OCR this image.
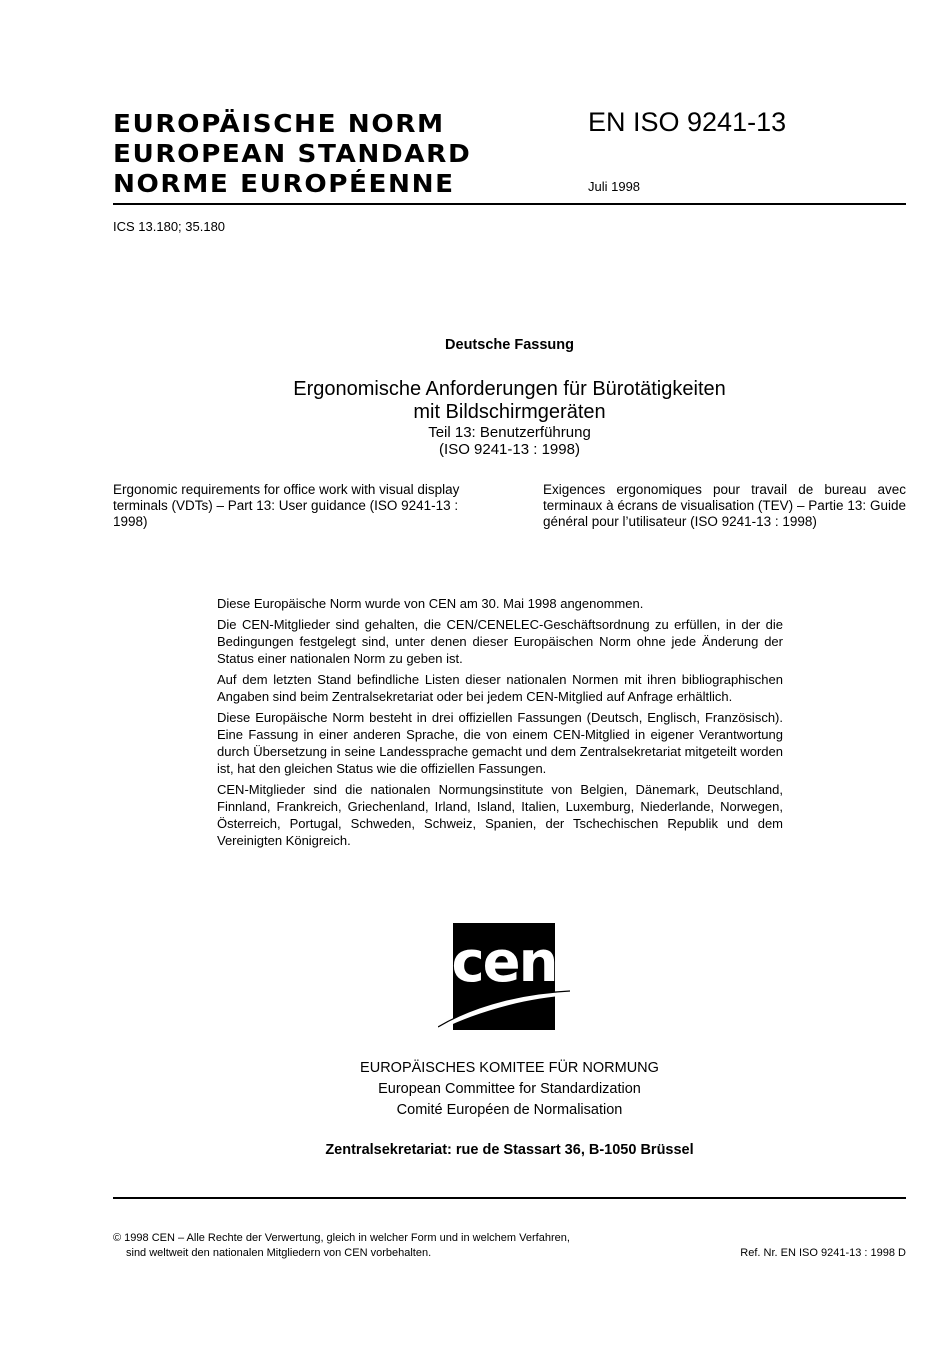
EUROPÄISCHE NORM
EUROPEAN STANDARD
NORME EUROPÉENNE
EN ISO 9241-13
Juli 1998
ICS 13.180; 35.180
Deutsche Fassung
Ergonomische Anforderungen für Bürotätigkeiten
mit Bildschirmgeräten
Teil 13: Benutzerführung
(ISO 9241-13 : 1998)
Ergonomic requirements for office work with visual display terminals (VDTs) – Part 13: User guidance (ISO 9241-13 : 1998)
Exigences ergonomiques pour travail de bureau avec terminaux à écrans de visualisation (TEV) – Partie 13: Guide général pour l’utilisateur (ISO 9241-13 : 1998)

Diese Europäische Norm wurde von CEN am 30. Mai 1998 angenommen.

Die CEN-Mitglieder sind gehalten, die CEN/CENELEC-Geschäftsordnung zu erfüllen, in der die Bedingungen festgelegt sind, unter denen dieser Europäischen Norm ohne jede Änderung der Status einer nationalen Norm zu geben ist.

Auf dem letzten Stand befindliche Listen dieser nationalen Normen mit ihren bibliographischen Angaben sind beim Zentralsekretariat oder bei jedem CEN-Mitglied auf Anfrage erhältlich.

Diese Europäische Norm besteht in drei offiziellen Fassungen (Deutsch, Englisch, Französisch). Eine Fassung in einer anderen Sprache, die von einem CEN-Mitglied in eigener Verantwortung durch Übersetzung in seine Landessprache gemacht und dem Zentralsekretariat mitgeteilt worden ist, hat den gleichen Status wie die offiziellen Fassungen.

CEN-Mitglieder sind die nationalen Normungsinstitute von Belgien, Dänemark, Deutschland, Finnland, Frankreich, Griechenland, Irland, Island, Italien, Luxemburg, Niederlande, Norwegen, Österreich, Portugal, Schweden, Schweiz, Spanien, der Tschechischen Republik und dem Vereinigten Königreich.

cen
EUROPÄISCHES KOMITEE FÜR NORMUNG
European Committee for Standardization
Comité Européen de Normalisation
Zentralsekretariat: rue de Stassart 36, B-1050 Brüssel
© 1998 CEN – Alle Rechte der Verwertung, gleich in welcher Form und in welchem Verfahren,
sind weltweit den nationalen Mitgliedern von CEN vorbehalten.	Ref. Nr. EN ISO 9241-13 : 1998 D
